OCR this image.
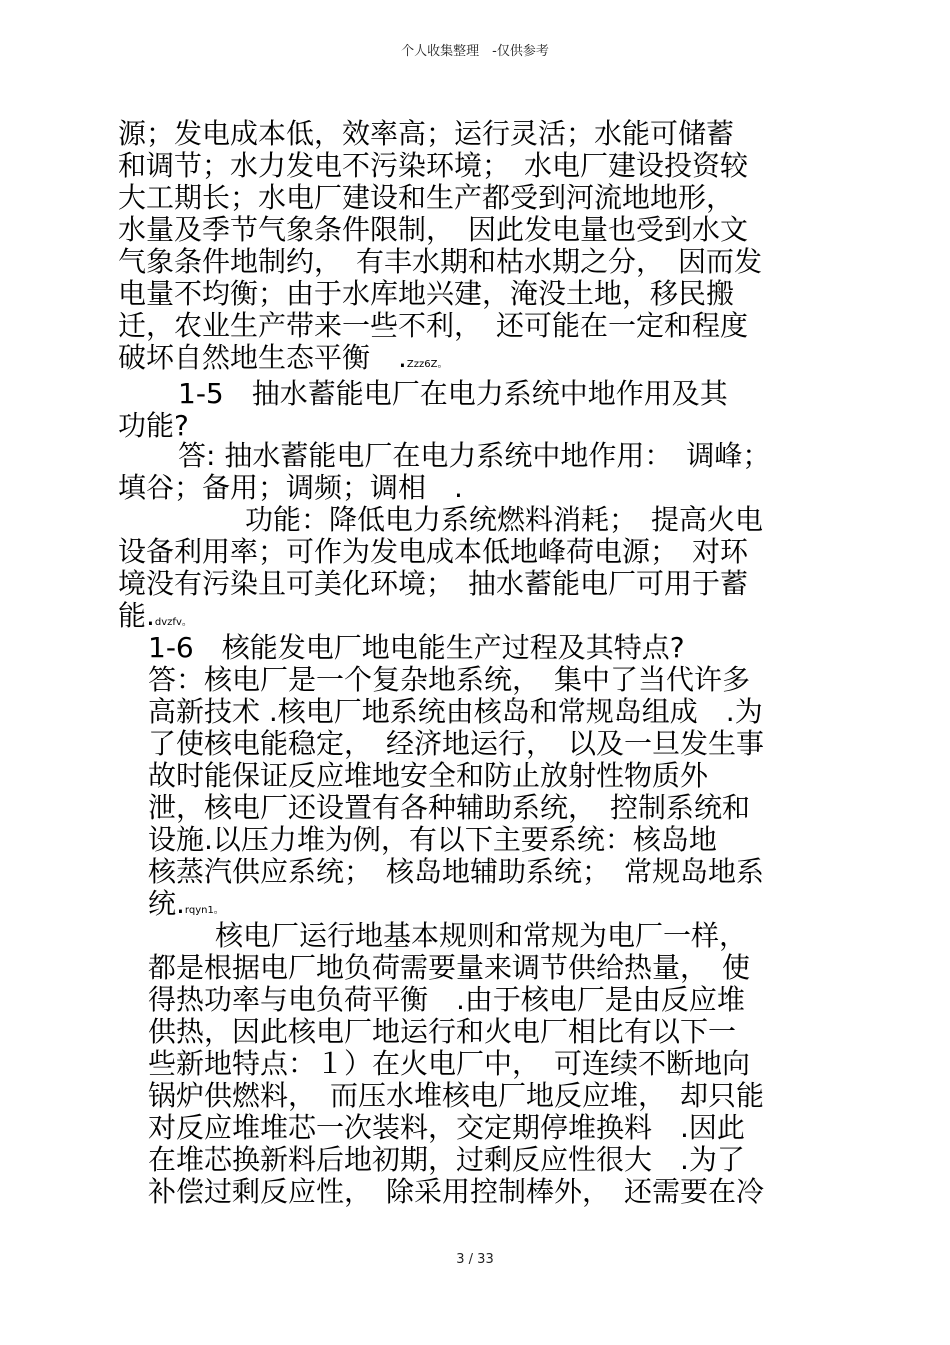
个人收集整理　-仅供参考
源；发电成本低，效率高；运行灵活；水能可储蓄
和调节；水力发电不污染环境；　水电厂建设投资较
大工期长；水电厂建设和生产都受到河流地地形，
水量及季节气象条件限制，　因此发电量也受到水文
气象条件地制约，　有丰水期和枯水期之分，　因而发
电量不均衡；由于水库地兴建，淹没土地，移民搬
迁，农业生产带来一些不利，　还可能在一定和程度
破坏自然地生态平衡　.Zzz6Z。
1-5　抽水蓄能电厂在电力系统中地作用及其
功能?
答: 抽水蓄能电厂在电力系统中地作用：　调峰；
填谷；备用；调频；调相　.
功能：降低电力系统燃料消耗；　提高火电
设备利用率；可作为发电成本低地峰荷电源；　对环
境没有污染且可美化环境；　抽水蓄能电厂可用于蓄
能.dvzfv。
1-6　核能发电厂地电能生产过程及其特点?
答：核电厂是一个复杂地系统，　集中了当代许多
高新技术 .核电厂地系统由核岛和常规岛组成　.为
了使核电能稳定，　经济地运行，　以及一旦发生事
故时能保证反应堆地安全和防止放射性物质外
泄，核电厂还设置有各种辅助系统，　控制系统和
设施.以压力堆为例，有以下主要系统：核岛地
核蒸汽供应系统；　核岛地辅助系统；　常规岛地系
统.rqyn1。
核电厂运行地基本规则和常规为电厂一样，
都是根据电厂地负荷需要量来调节供给热量，　使
得热功率与电负荷平衡　.由于核电厂是由反应堆
供热，因此核电厂地运行和火电厂相比有以下一
些新地特点：１）在火电厂中，　可连续不断地向
锅炉供燃料，　而压水堆核电厂地反应堆，　却只能
对反应堆堆芯一次装料，交定期停堆换料　.因此
在堆芯换新料后地初期，过剩反应性很大　.为了
补偿过剩反应性，　除采用控制棒外，　还需要在冷
3 / 33
